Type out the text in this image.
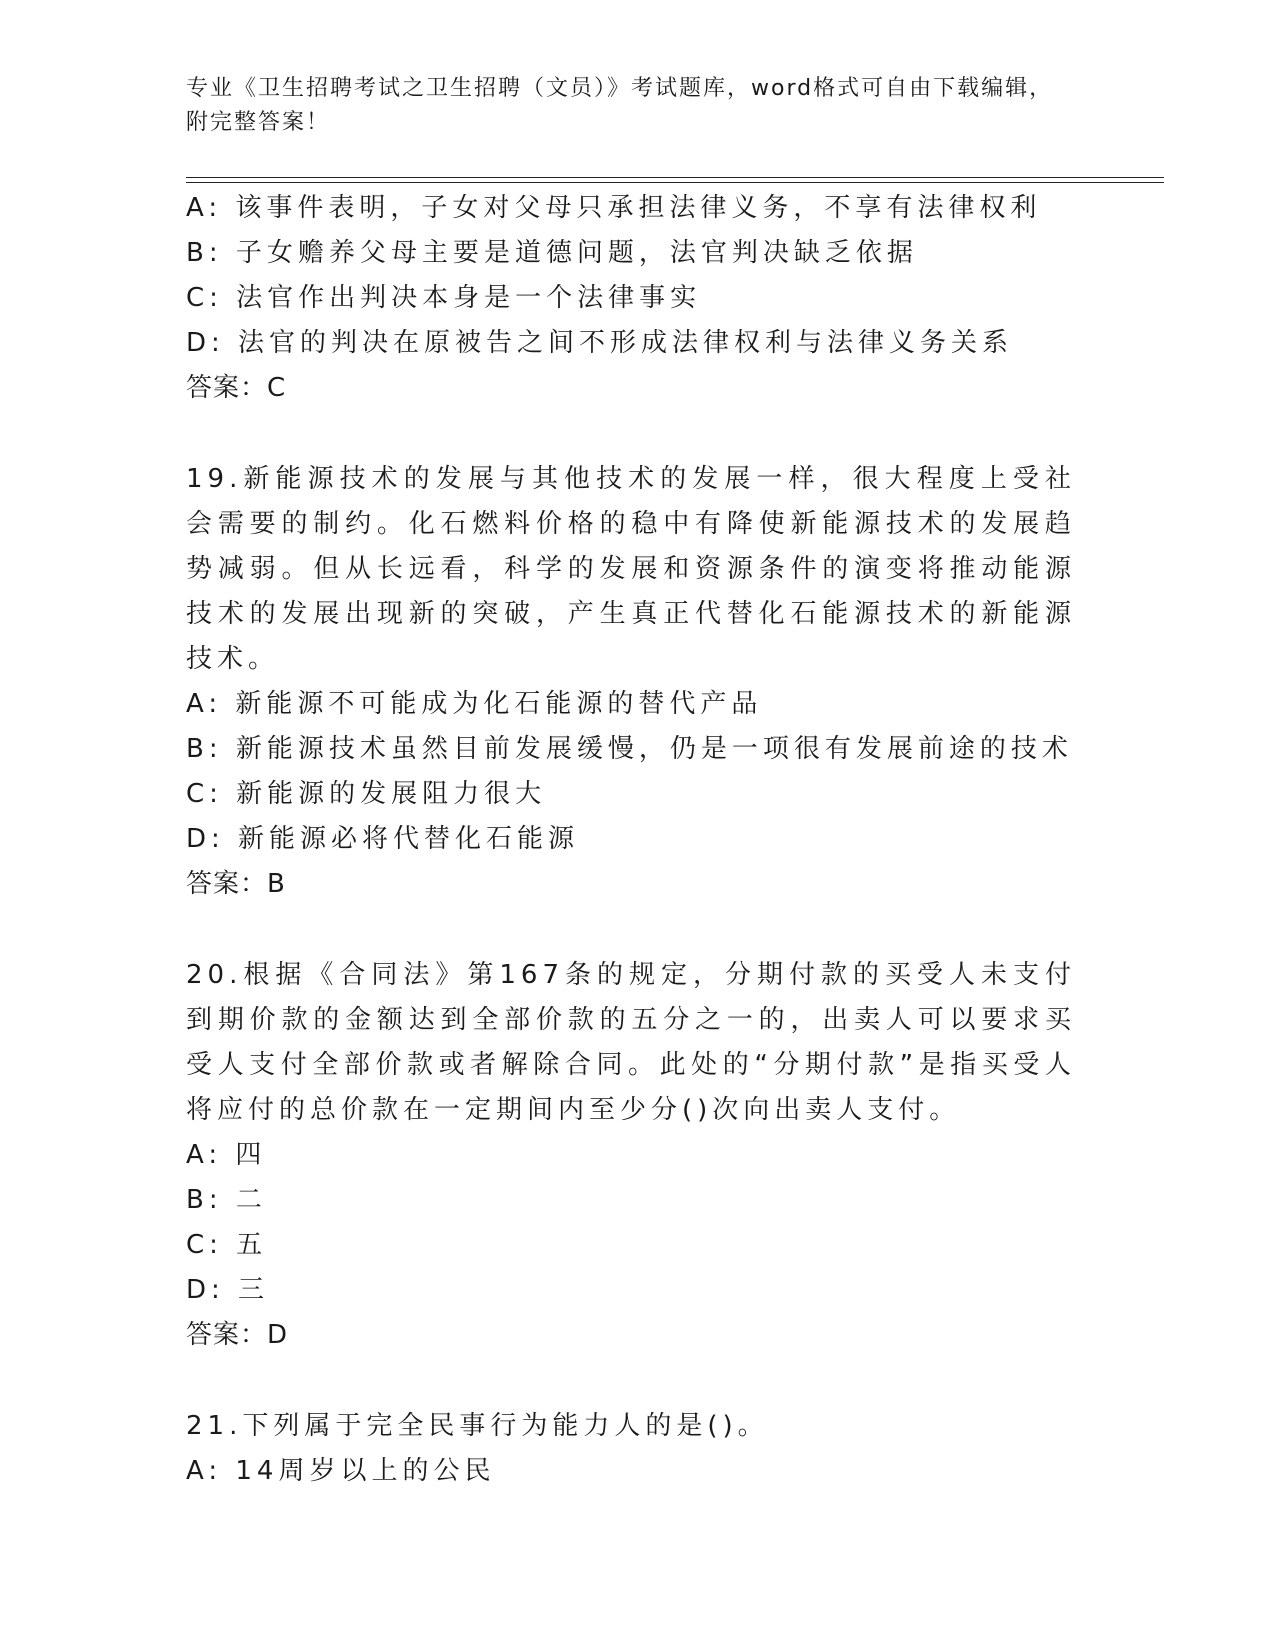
专业《卫生招聘考试之卫生招聘（文员）》考试题库，word格式可自由下载编辑，附完整答案！
A: 该事件表明，子女对父母只承担法律义务，不享有法律权利
B: 子女赡养父母主要是道德问题，法官判决缺乏依据
C: 法官作出判决本身是一个法律事实
D: 法官的判决在原被告之间不形成法律权利与法律义务关系
答案：C
19.新能源技术的发展与其他技术的发展一样，很大程度上受社会需要的制约。化石燃料价格的稳中有降使新能源技术的发展趋势减弱。但从长远看，科学的发展和资源条件的演变将推动能源技术的发展出现新的突破，产生真正代替化石能源技术的新能源技术。
A: 新能源不可能成为化石能源的替代产品
B: 新能源技术虽然目前发展缓慢，仍是一项很有发展前途的技术
C: 新能源的发展阻力很大
D: 新能源必将代替化石能源
答案：B
20.根据《合同法》第167条的规定，分期付款的买受人未支付到期价款的金额达到全部价款的五分之一的，出卖人可以要求买受人支付全部价款或者解除合同。此处的“分期付款”是指买受人将应付的总价款在一定期间内至少分()次向出卖人支付。
A: 四
B: 二
C: 五
D: 三
答案：D
21.下列属于完全民事行为能力人的是()。
A: 14周岁以上的公民
